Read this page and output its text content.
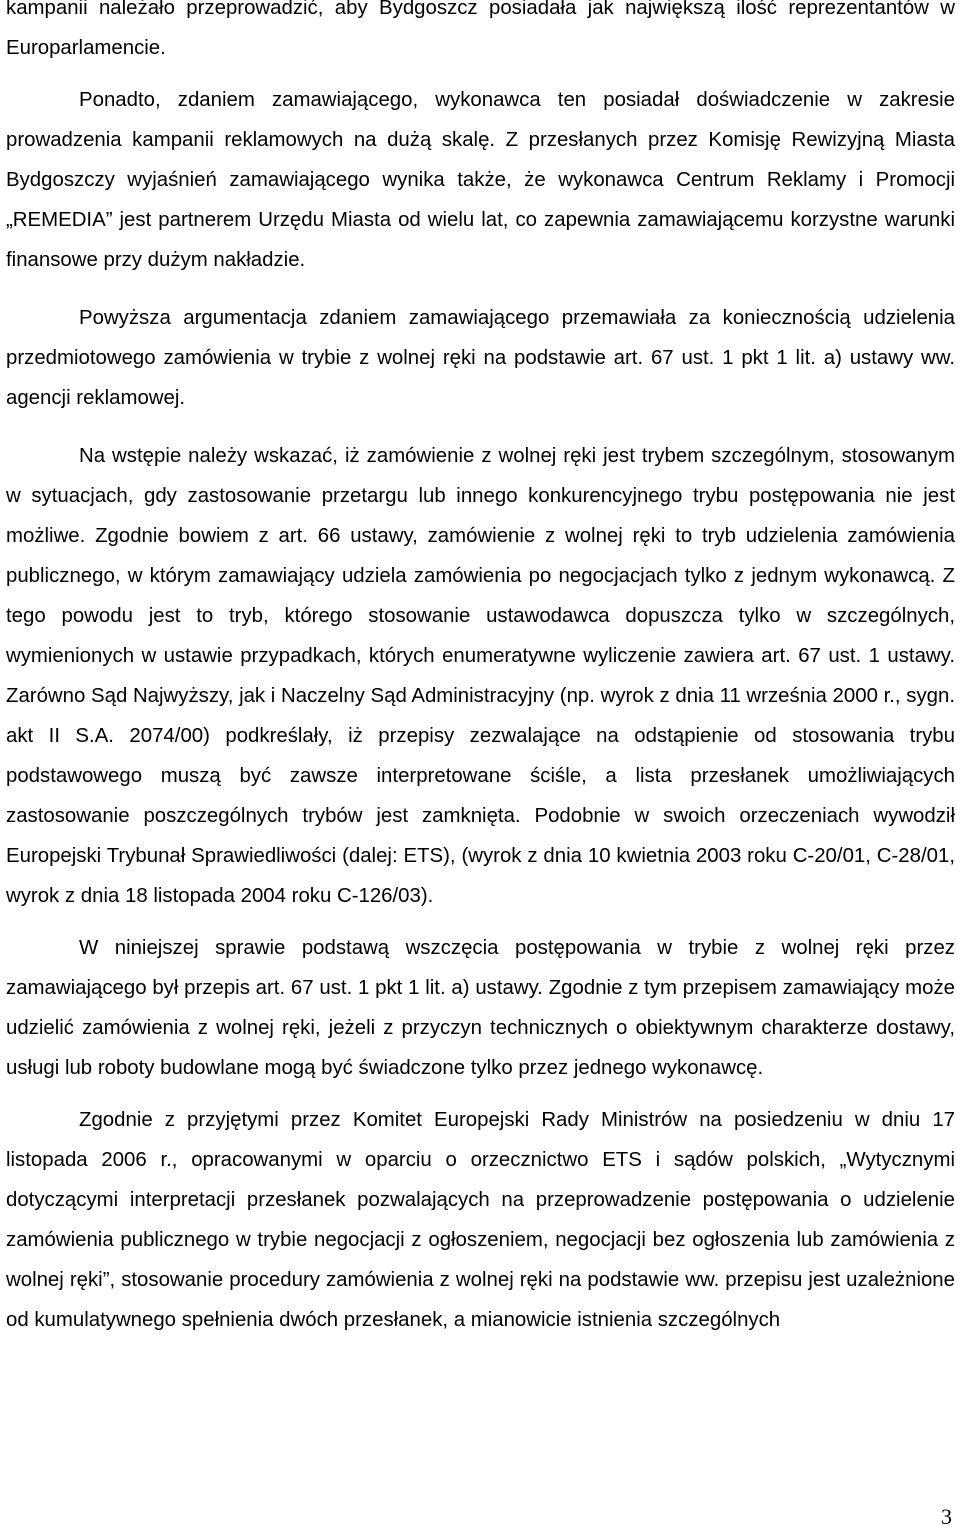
kampanii należało przeprowadzić, aby Bydgoszcz posiadała jak największą ilość reprezentantów w Europarlamencie.

Ponadto, zdaniem zamawiającego, wykonawca ten posiadał doświadczenie w zakresie prowadzenia kampanii reklamowych na dużą skalę. Z przesłanych przez Komisję Rewizyjną Miasta Bydgoszczy wyjaśnień zamawiającego wynika także, że wykonawca Centrum Reklamy i Promocji „REMEDIA” jest partnerem Urzędu Miasta od wielu lat, co zapewnia zamawiającemu korzystne warunki finansowe przy dużym nakładzie.

Powyższa argumentacja zdaniem zamawiającego przemawiała za koniecznością udzielenia przedmiotowego zamówienia w trybie z wolnej ręki na podstawie art. 67 ust. 1 pkt 1 lit. a) ustawy ww. agencji reklamowej.

Na wstępie należy wskazać, iż zamówienie z wolnej ręki jest trybem szczególnym, stosowanym w sytuacjach, gdy zastosowanie przetargu lub innego konkurencyjnego trybu postępowania nie jest możliwe. Zgodnie bowiem z art. 66 ustawy, zamówienie z wolnej ręki to tryb udzielenia zamówienia publicznego, w którym zamawiający udziela zamówienia po negocjacjach tylko z jednym wykonawcą. Z tego powodu jest to tryb, którego stosowanie ustawodawca dopuszcza tylko w szczególnych, wymienionych w ustawie przypadkach, których enumeratywne wyliczenie zawiera art. 67 ust. 1 ustawy. Zarówno Sąd Najwyższy, jak i Naczelny Sąd Administracyjny (np. wyrok z dnia 11 września 2000 r., sygn. akt II S.A. 2074/00) podkreślały, iż przepisy zezwalające na odstąpienie od stosowania trybu podstawowego muszą być zawsze interpretowane ściśle, a lista przesłanek umożliwiających zastosowanie poszczególnych trybów jest zamknięta. Podobnie w swoich orzeczeniach wywodził Europejski Trybunał Sprawiedliwości (dalej: ETS), (wyrok z dnia 10 kwietnia 2003 roku C-20/01, C-28/01, wyrok z dnia 18 listopada 2004 roku C-126/03).

W niniejszej sprawie podstawą wszczęcia postępowania w trybie z wolnej ręki przez zamawiającego był przepis art. 67 ust. 1 pkt 1 lit. a) ustawy. Zgodnie z tym przepisem zamawiający może udzielić zamówienia z wolnej ręki, jeżeli z przyczyn technicznych o obiektywnym charakterze dostawy, usługi lub roboty budowlane mogą być świadczone tylko przez jednego wykonawcę.

Zgodnie z przyjętymi przez Komitet Europejski Rady Ministrów na posiedzeniu w dniu 17 listopada 2006 r., opracowanymi w oparciu o orzecznictwo ETS i sądów polskich, „Wytycznymi dotyczącymi interpretacji przesłanek pozwalających na przeprowadzenie postępowania o udzielenie zamówienia publicznego w trybie negocjacji z ogłoszeniem, negocjacji bez ogłoszenia lub zamówienia z wolnej ręki”, stosowanie procedury zamówienia z wolnej ręki na podstawie ww. przepisu jest uzależnione od kumulatywnego spełnienia dwóch przesłanek, a mianowicie istnienia szczególnych

3
